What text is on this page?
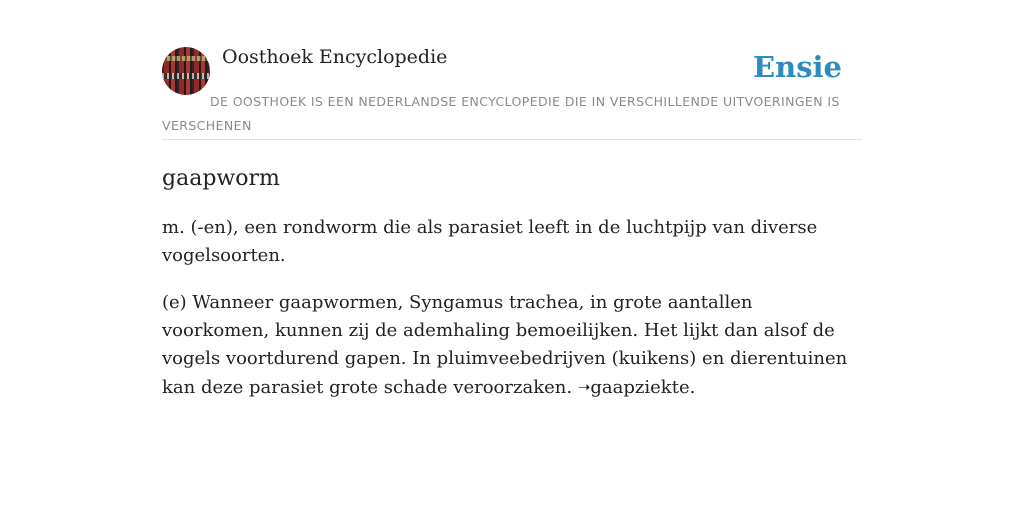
Oosthoek Encyclopedie	Ensie
DE OOSTHOEK IS EEN NEDERLANDSE ENCYCLOPEDIE DIE IN VERSCHILLENDE UITVOERINGEN IS VERSCHENEN
gaapworm

m. (-en), een rondworm die als parasiet leeft in de luchtpijp van diverse vogelsoorten.

(e) Wanneer gaapwormen, Syngamus trachea, in grote aantallen voorkomen, kunnen zij de ademhaling bemoeilijken. Het lijkt dan alsof de vogels voortdurend gapen. In pluimveebedrijven (kuikens) en dierentuinen kan deze parasiet grote schade veroorzaken. ➝gaapziekte.
